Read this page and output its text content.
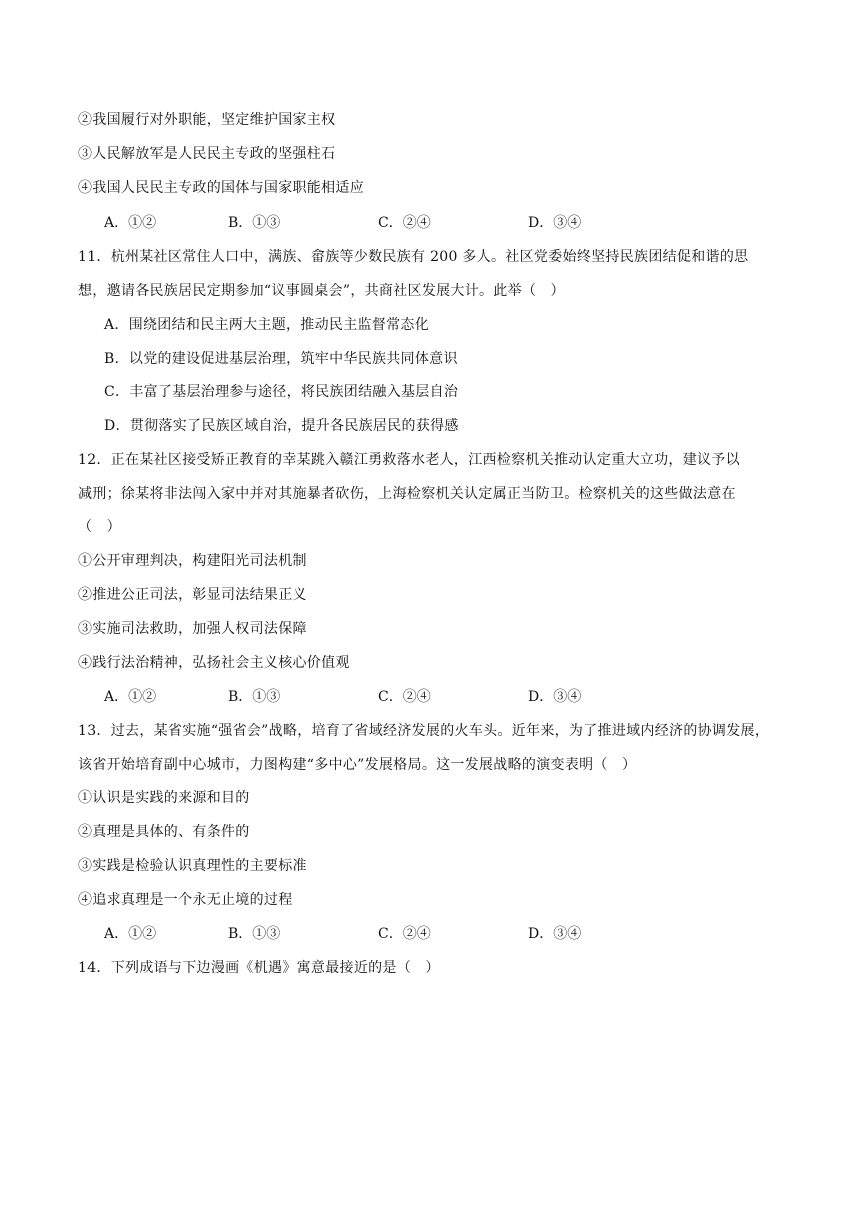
②我国履行对外职能，坚定维护国家主权
③人民解放军是人民民主专政的坚强柱石
④我国人民民主专政的国体与国家职能相适应
A．①②	B．①③	C．②④	D．③④
11．杭州某社区常住人口中，满族、畲族等少数民族有 200 多人。社区党委始终坚持民族团结促和谐的思
想，邀请各民族居民定期参加“议事圆桌会”，共商社区发展大计。此举（　）
A．围绕团结和民主两大主题，推动民主监督常态化
B．以党的建设促进基层治理，筑牢中华民族共同体意识
C．丰富了基层治理参与途径，将民族团结融入基层自治
D．贯彻落实了民族区域自治，提升各民族居民的获得感
12．正在某社区接受矫正教育的幸某跳入赣江勇救落水老人，江西检察机关推动认定重大立功，建议予以
减刑；徐某将非法闯入家中并对其施暴者砍伤，上海检察机关认定属正当防卫。检察机关的这些做法意在
（　）
①公开审理判决，构建阳光司法机制
②推进公正司法，彰显司法结果正义
③实施司法救助，加强人权司法保障
④践行法治精神，弘扬社会主义核心价值观
A．①②	B．①③	C．②④	D．③④
13．过去，某省实施“强省会”战略，培育了省域经济发展的火车头。近年来，为了推进域内经济的协调发展，
该省开始培育副中心城市，力图构建“多中心”发展格局。这一发展战略的演变表明（　）
①认识是实践的来源和目的
②真理是具体的、有条件的
③实践是检验认识真理性的主要标准
④追求真理是一个永无止境的过程
A．①②	B．①③	C．②④	D．③④
14．下列成语与下边漫画《机遇》寓意最接近的是（　）
